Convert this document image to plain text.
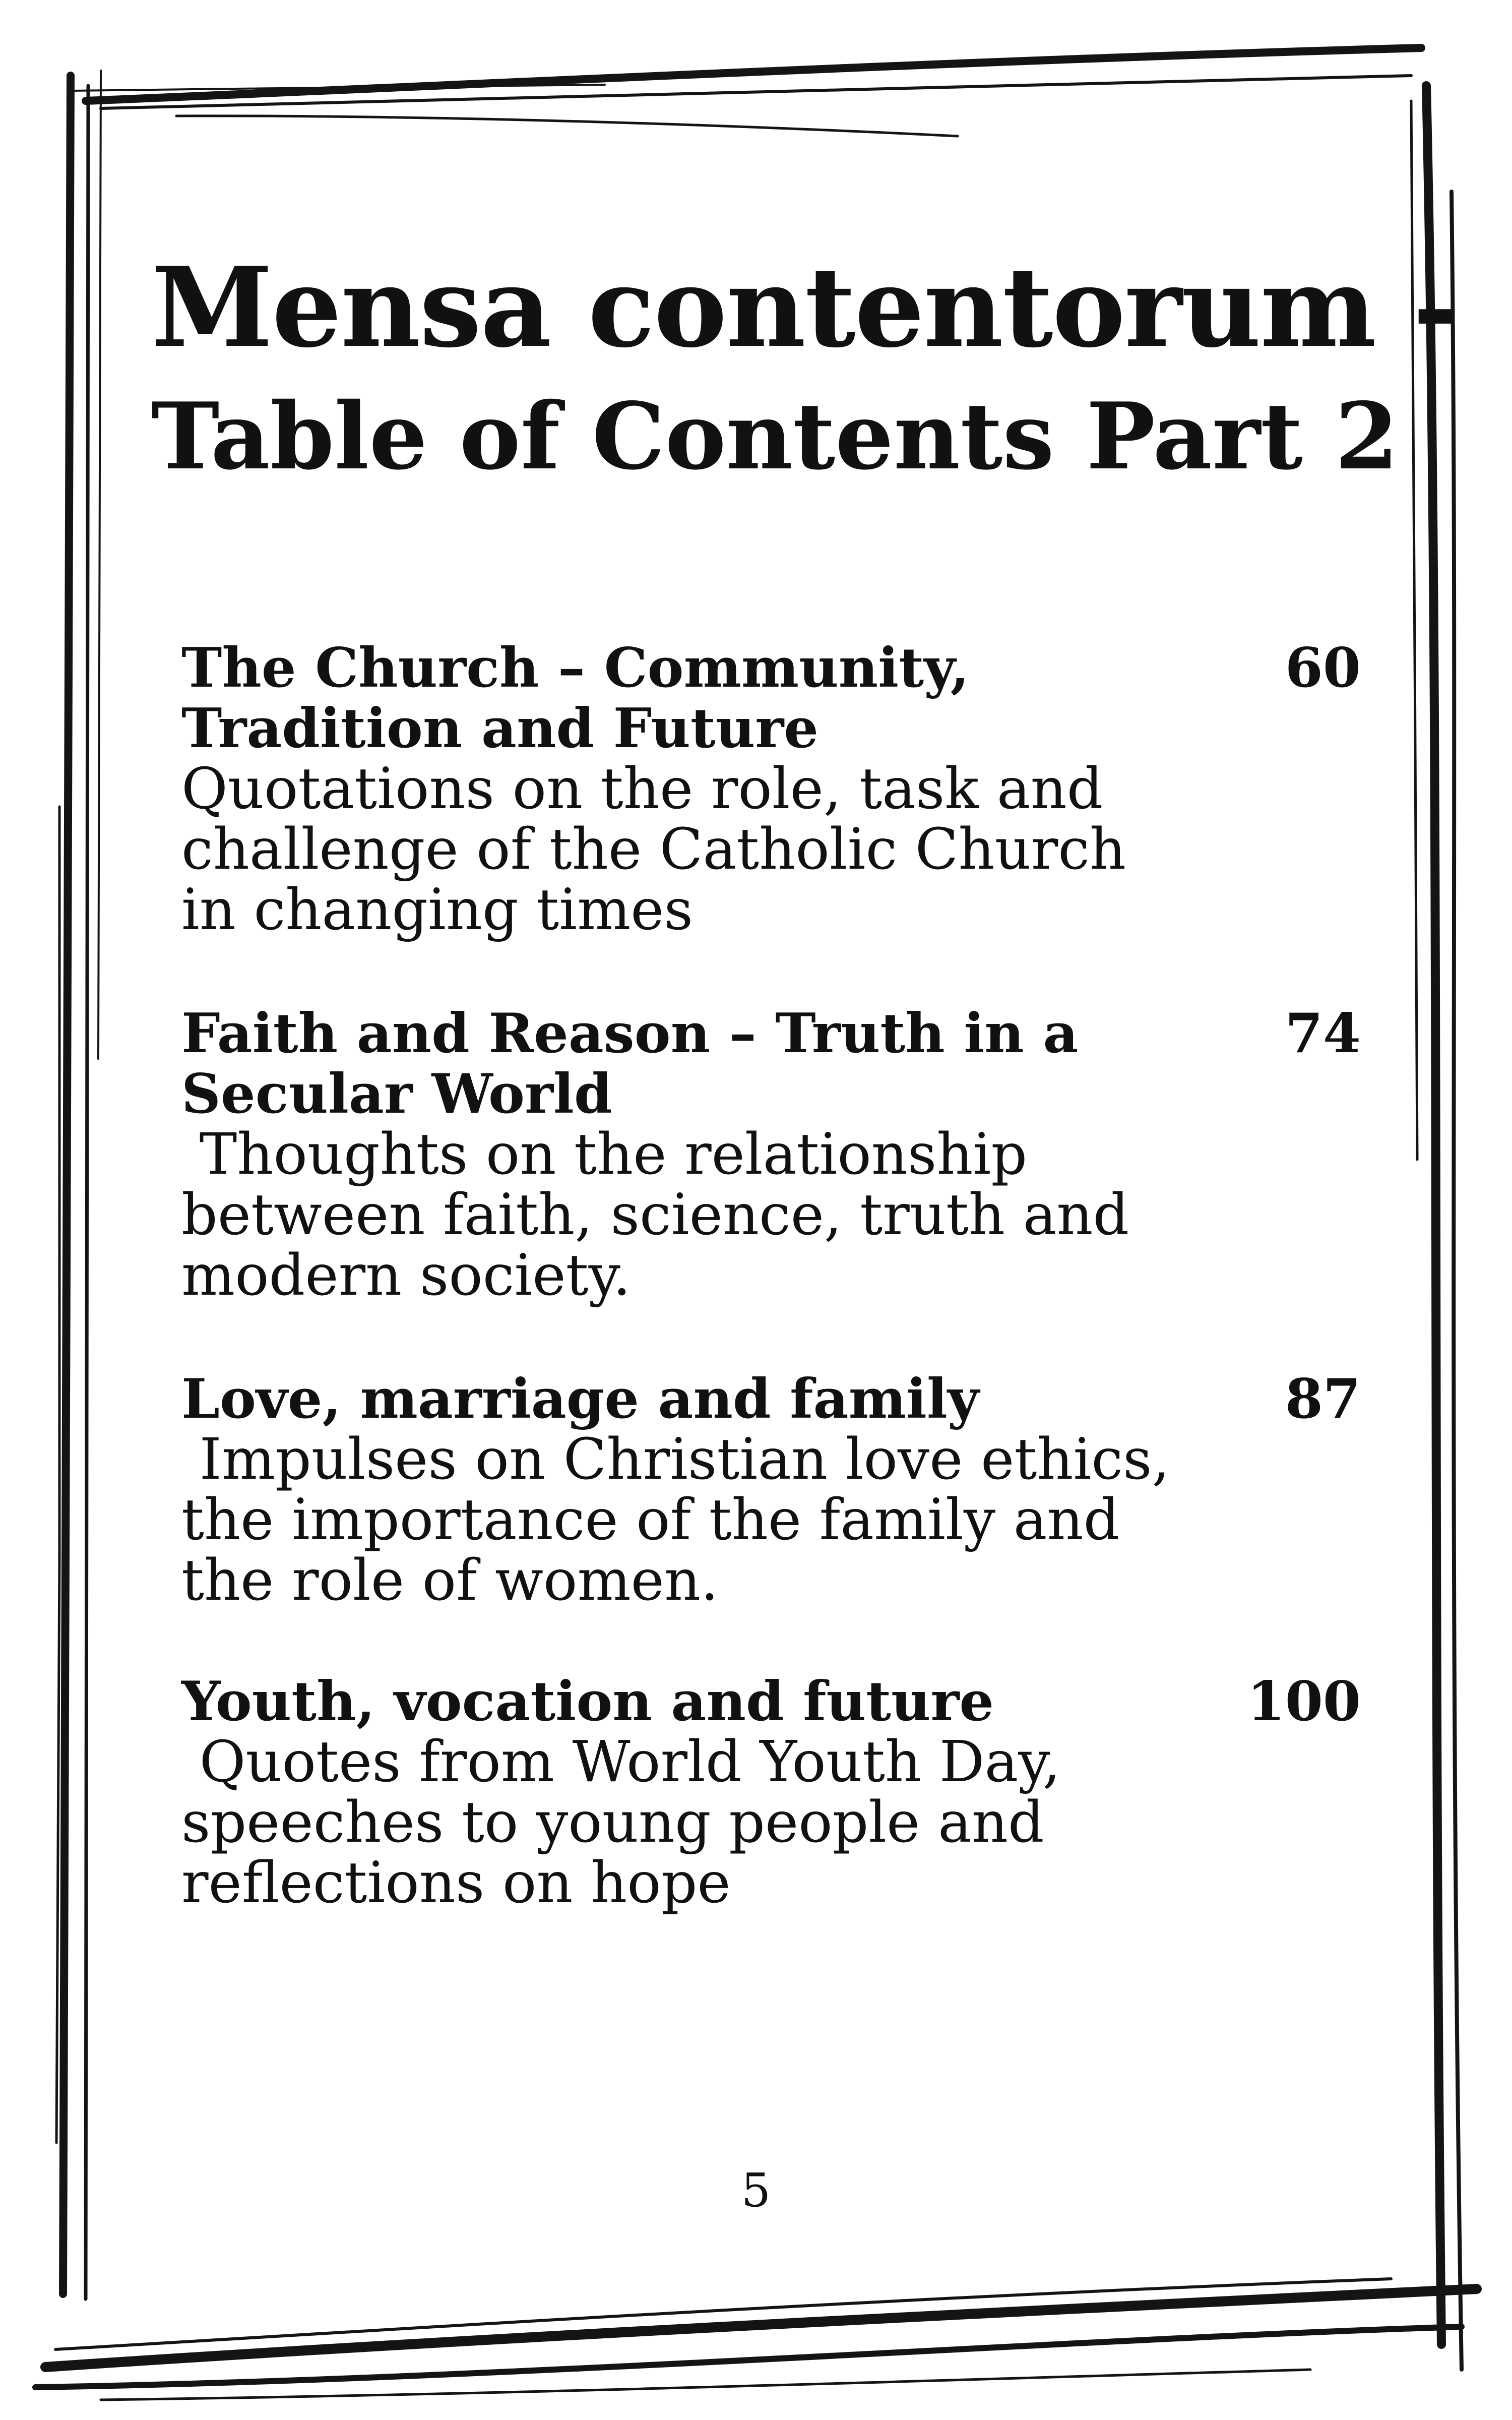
Mensa contentorum -
Table of Contents Part 2
The Church – Community, Tradition and Future
Quotations on the role, task and challenge of the Catholic Church in changing times
60
Faith and Reason – Truth in a Secular World
Thoughts on the relationship between faith, science, truth and modern society.
74
Love, marriage and family
Impulses on Christian love ethics, the importance of the family and the role of women.
87
Youth, vocation and future
Quotes from World Youth Day, speeches to young people and reflections on hope
100
5
